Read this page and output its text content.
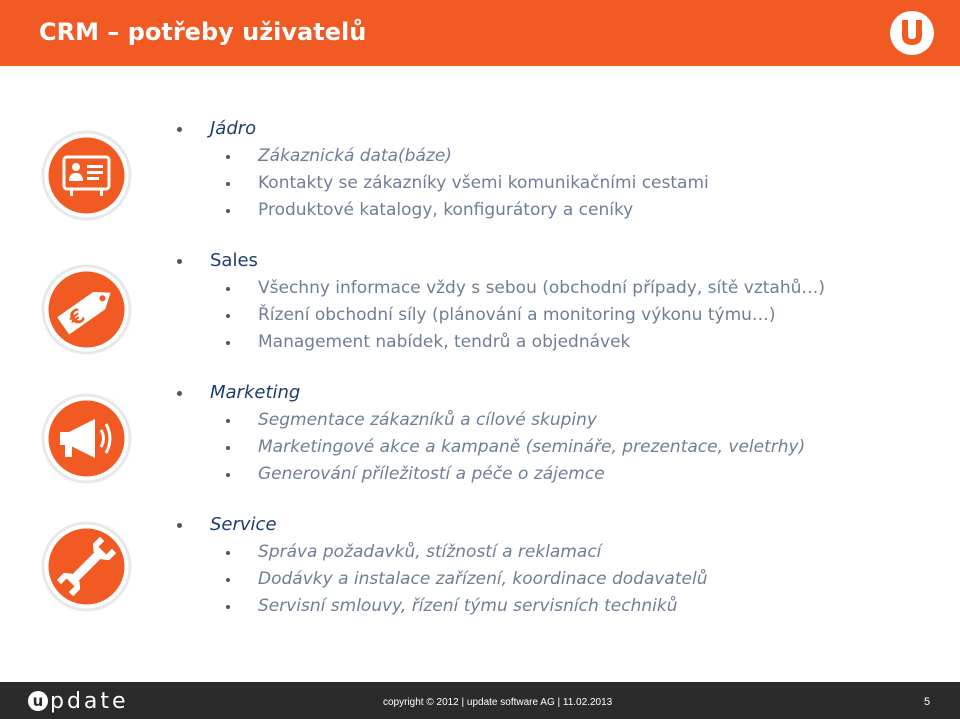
CRM – potřeby uživatelů
€
Jádro
Zákaznická data(báze)
Kontakty se zákazníky všemi komunikačními cestami
Produktové katalogy, konfigurátory a ceníky
Sales
Všechny informace vždy s sebou (obchodní případy, sítě vztahů…)
Řízení obchodní síly (plánování a monitoring výkonu týmu…)
Management nabídek, tendrů a objednávek
Marketing
Segmentace zákazníků a cílové skupiny
Marketingové akce a kampaně (semináře, prezentace, veletrhy)
Generování příležitostí a péče o zájemce
Service
Správa požadavků, stížností a reklamací
Dodávky a instalace zařízení, koordinace dodavatelů
Servisní smlouvy, řízení týmu servisních techniků
u pdate	copyright © 2012 | update software AG | 11.02.2013	5
